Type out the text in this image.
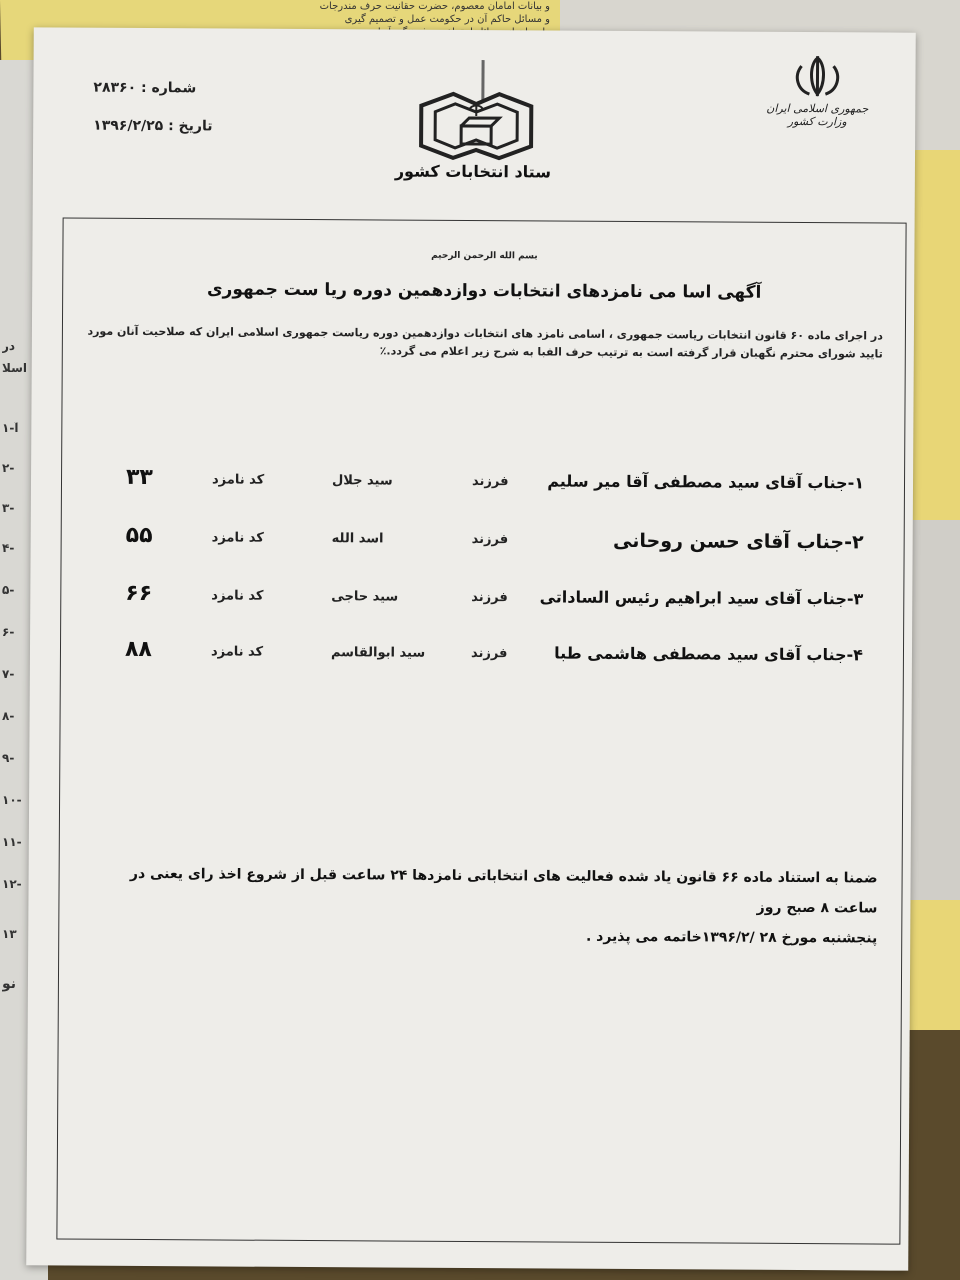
و بیانات امامان معصوم، حضرت حقانیت حرف مندرجات
و مسائل حاکم آن در حکومت عمل و تصمیم گیری
در
اسلا
۱-آ
۲-
۳-
۴-
۵-
۶-
۷-
۸-
۹-
۱۰-
۱۱-
۱۲-
۱۳
نو
شماره : ۲۸۳۶۰
تاریخ : ۱۳۹۶/۲/۲۵
ستاد انتخابات کشور
جمهوری اسلامی ایران
وزارت کشور
بسم الله الرحمن الرحیم
آگهی اسا می نامزدهای انتخابات دوازدهمین دوره ریا ست جمهوری
در اجرای ماده ۶۰ قانون انتخابات ریاست جمهوری ، اسامی نامزد های انتخابات دوازدهمین دوره ریاست جمهوری اسلامی ایران که صلاحیت آنان مورد تایید شورای محترم نگهبان قرار گرفته است به ترتیب حرف الفبا به شرح زیر اعلام می گردد.٪
۱-جناب آقای سید مصطفی آقا میر سلیم
فرزند
سید جلال
کد نامزد
۳۳
۲-جناب آقای حسن روحانی
فرزند
اسد الله
کد نامزد
۵۵
۳-جناب آقای سید ابراهیم رئیس الساداتی
فرزند
سید حاجی
کد نامزد
۶۶
۴-جناب آقای سید مصطفی هاشمی طبا
فرزند
سید ابوالقاسم
کد نامزد
۸۸
ضمنا به استناد ماده ۶۶ قانون یاد شده فعالیت های انتخاباتی نامزدها ۲۴ ساعت قبل از شروع اخذ رای یعنی در ساعت ۸ صبح روز
پنجشنبه مورخ ۲۸ /۱۳۹۶/۲خاتمه می پذیرد .
